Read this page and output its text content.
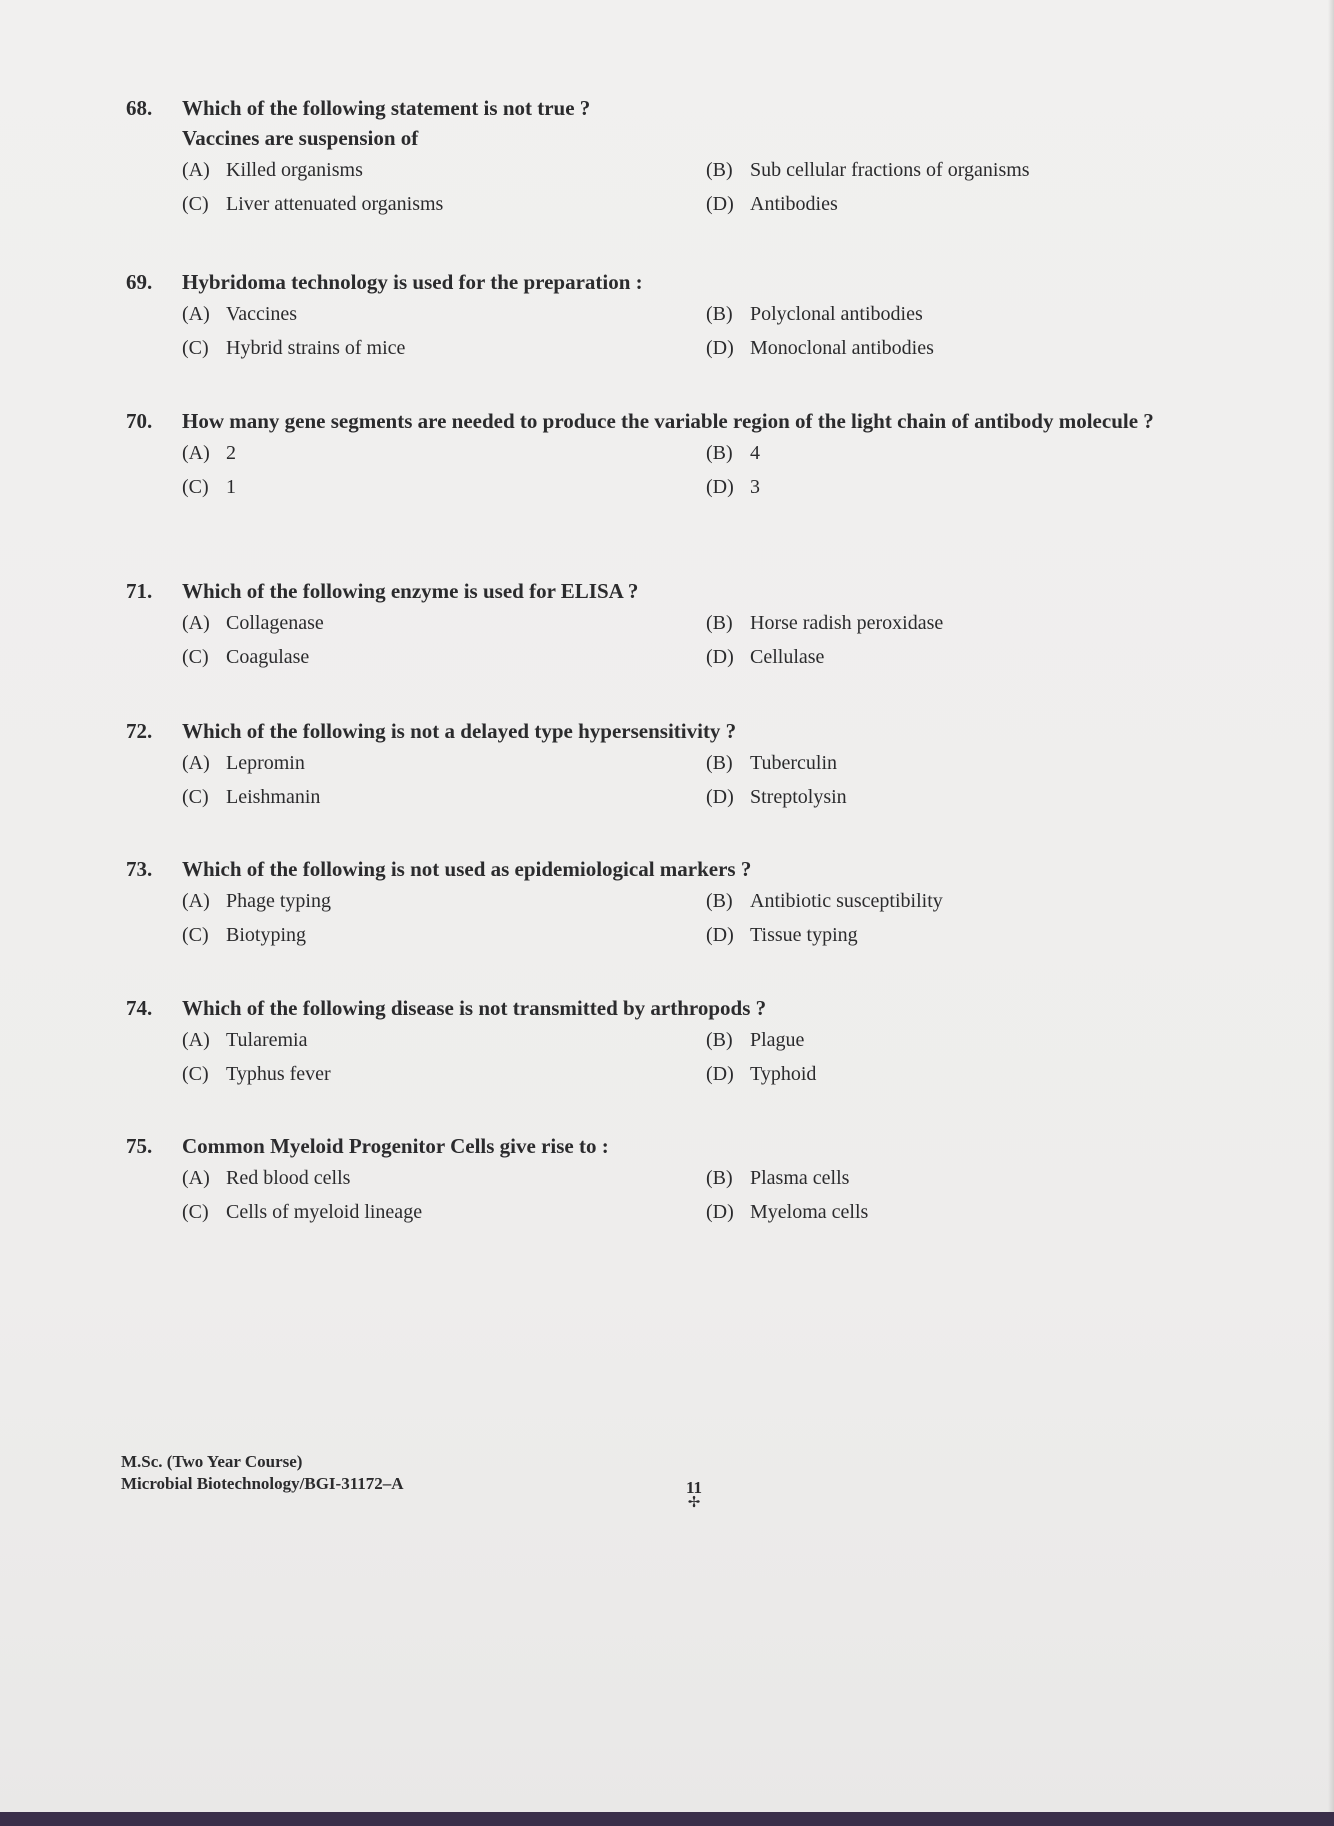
68.	Which of the following statement is not true ?
Vaccines are suspension of
(A) Killed organisms	(B) Sub cellular fractions of organisms
(C) Liver attenuated organisms	(D) Antibodies
69.	Hybridoma technology is used for the preparation :
(A) Vaccines	(B) Polyclonal antibodies
(C) Hybrid strains of mice	(D) Monoclonal antibodies
70.	How many gene segments are needed to produce the variable region of the light chain of antibody molecule ?
(A) 2	(B) 4
(C) 1	(D) 3
71.	Which of the following enzyme is used for ELISA ?
(A) Collagenase	(B) Horse radish peroxidase
(C) Coagulase	(D) Cellulase
72.	Which of the following is not a delayed type hypersensitivity ?
(A) Lepromin	(B) Tuberculin
(C) Leishmanin	(D) Streptolysin
73.	Which of the following is not used as epidemiological markers ?
(A) Phage typing	(B) Antibiotic susceptibility
(C) Biotyping	(D) Tissue typing
74.	Which of the following disease is not transmitted by arthropods ?
(A) Tularemia	(B) Plague
(C) Typhus fever	(D) Typhoid
75.	Common Myeloid Progenitor Cells give rise to :
(A) Red blood cells	(B) Plasma cells
(C) Cells of myeloid lineage	(D) Myeloma cells
M.Sc. (Two Year Course)
Microbial Biotechnology/BGI-31172–A	11
✢
